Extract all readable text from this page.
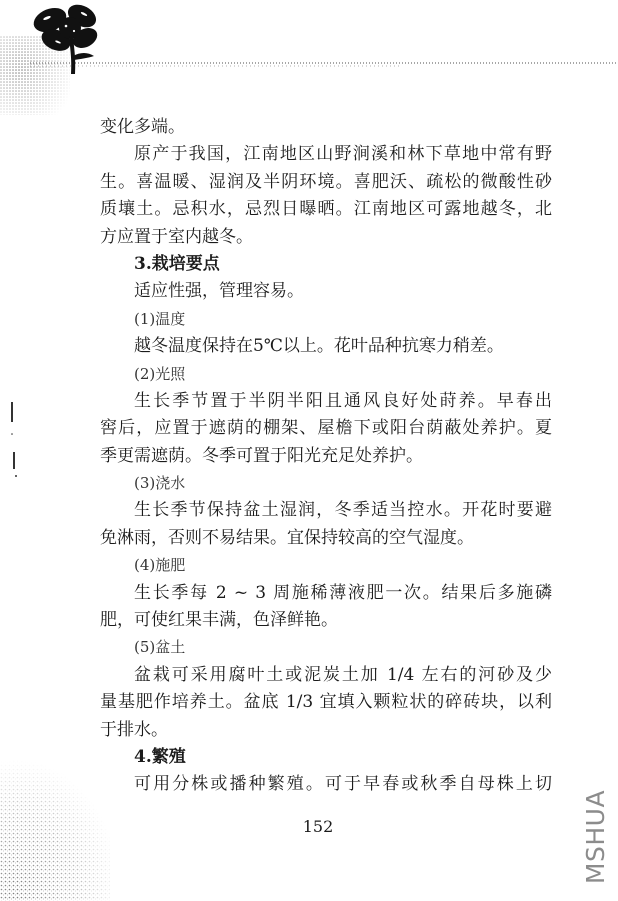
变化多端。
原产于我国，江南地区山野涧溪和林下草地中常有野
生。喜温暖、湿润及半阴环境。喜肥沃、疏松的微酸性砂
质壤土。忌积水，忌烈日曝晒。江南地区可露地越冬，北
方应置于室内越冬。
3.栽培要点
适应性强，管理容易。
(1)温度
越冬温度保持在5℃以上。花叶品种抗寒力稍差。
(2)光照
生长季节置于半阴半阳且通风良好处莳养。早春出
窖后，应置于遮荫的棚架、屋檐下或阳台荫蔽处养护。夏
季更需遮荫。冬季可置于阳光充足处养护。
(3)浇水
生长季节保持盆土湿润，冬季适当控水。开花时要避
免淋雨，否则不易结果。宜保持较高的空气湿度。
(4)施肥
生长季每 2 ~ 3 周施稀薄液肥一次。结果后多施磷
肥，可使红果丰满，色泽鲜艳。
(5)盆土
盆栽可采用腐叶土或泥炭土加 1/4 左右的河砂及少
量基肥作培养土。盆底 1/3 宜填入颗粒状的碎砖块，以利
于排水。
4.繁殖
可用分株或播种繁殖。可于早春或秋季自母株上切
152	MSHUA
